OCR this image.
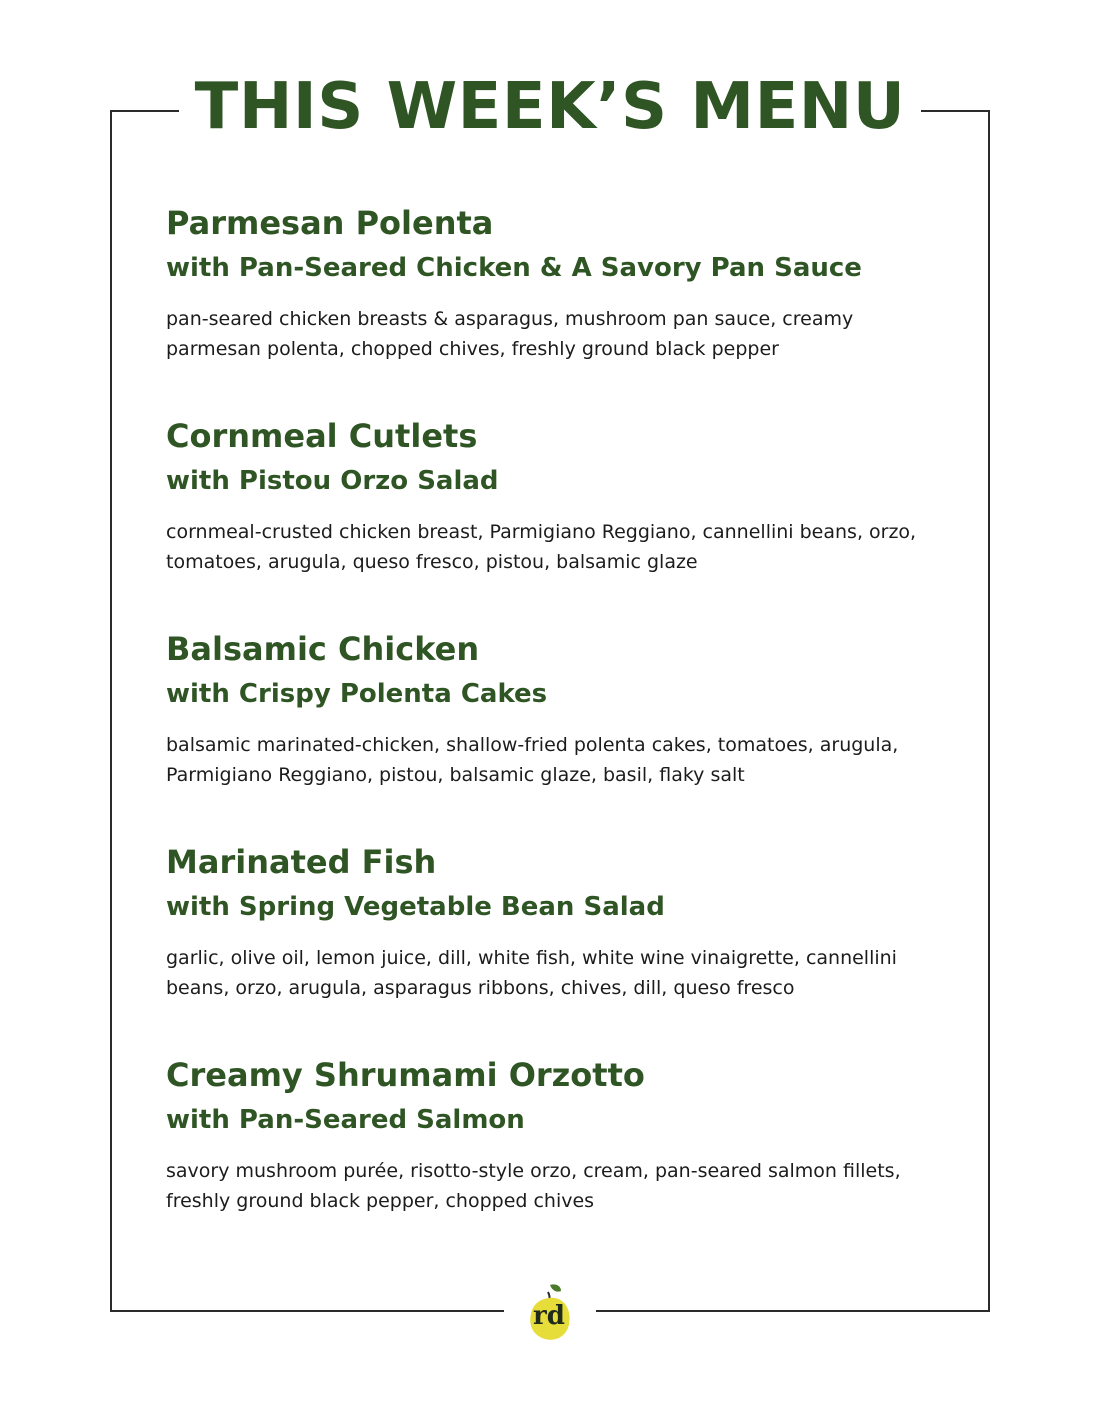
THIS WEEK’S MENU
Parmesan Polenta
with Pan-Seared Chicken & A Savory Pan Sauce

pan-seared chicken breasts & asparagus, mushroom pan sauce, creamy parmesan polenta, chopped chives, freshly ground black pepper

Cornmeal Cutlets
with Pistou Orzo Salad

cornmeal-crusted chicken breast, Parmigiano Reggiano, cannellini beans, orzo, tomatoes, arugula, queso fresco, pistou, balsamic glaze

Balsamic Chicken
with Crispy Polenta Cakes

balsamic marinated-chicken, shallow-fried polenta cakes, tomatoes, arugula, Parmigiano Reggiano, pistou, balsamic glaze, basil, flaky salt

Marinated Fish
with Spring Vegetable Bean Salad

garlic, olive oil, lemon juice, dill, white fish, white wine vinaigrette, cannellini beans, orzo, arugula, asparagus ribbons, chives, dill, queso fresco

Creamy Shrumami Orzotto
with Pan-Seared Salmon

savory mushroom purée, risotto-style orzo, cream, pan-seared salmon fillets, freshly ground black pepper, chopped chives

rd
